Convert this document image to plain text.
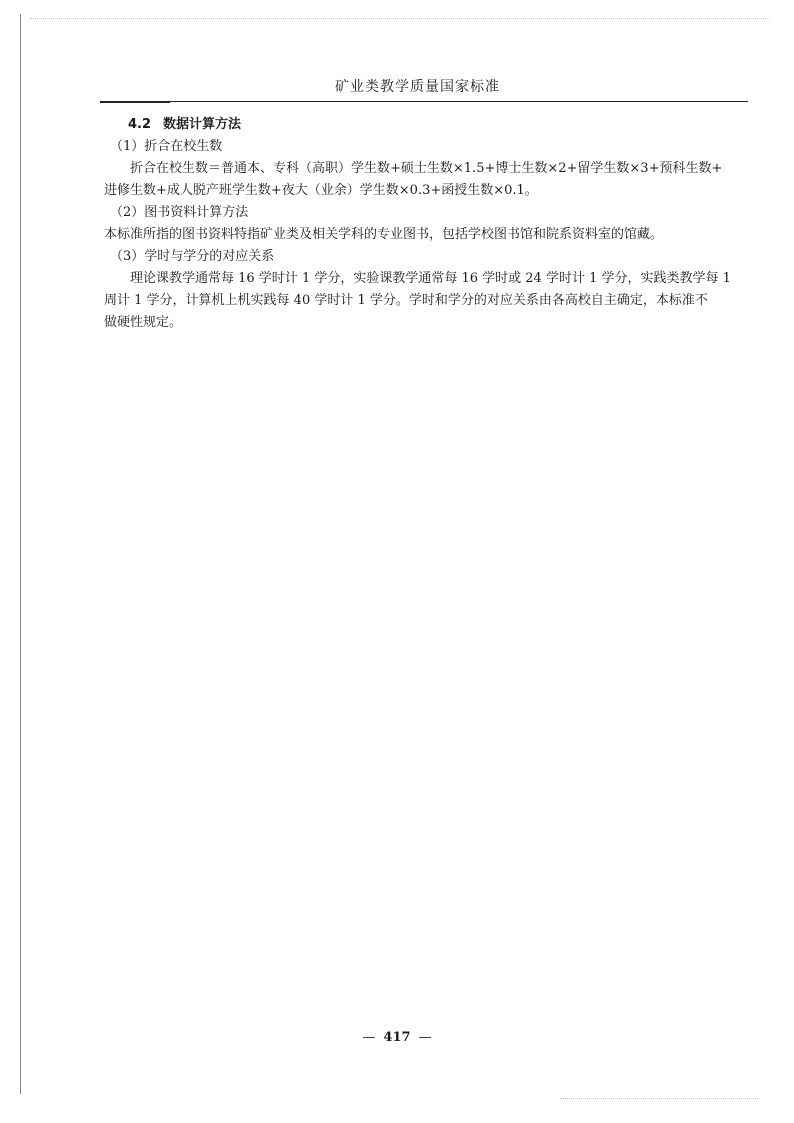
矿业类教学质量国家标准

4.2 数据计算方法

（1）折合在校生数

折合在校生数＝普通本、专科（高职）学生数+硕士生数×1.5+博士生数×2+留学生数×3+预科生数+

进修生数+成人脱产班学生数+夜大（业余）学生数×0.3+函授生数×0.1。

（2）图书资料计算方法

本标准所指的图书资料特指矿业类及相关学科的专业图书，包括学校图书馆和院系资料室的馆藏。

（3）学时与学分的对应关系

理论课教学通常每 16 学时计 1 学分，实验课教学通常每 16 学时或 24 学时计 1 学分，实践类教学每 1

周计 1 学分，计算机上机实践每 40 学时计 1 学分。学时和学分的对应关系由各高校自主确定，本标准不

做硬性规定。

— 417 —
